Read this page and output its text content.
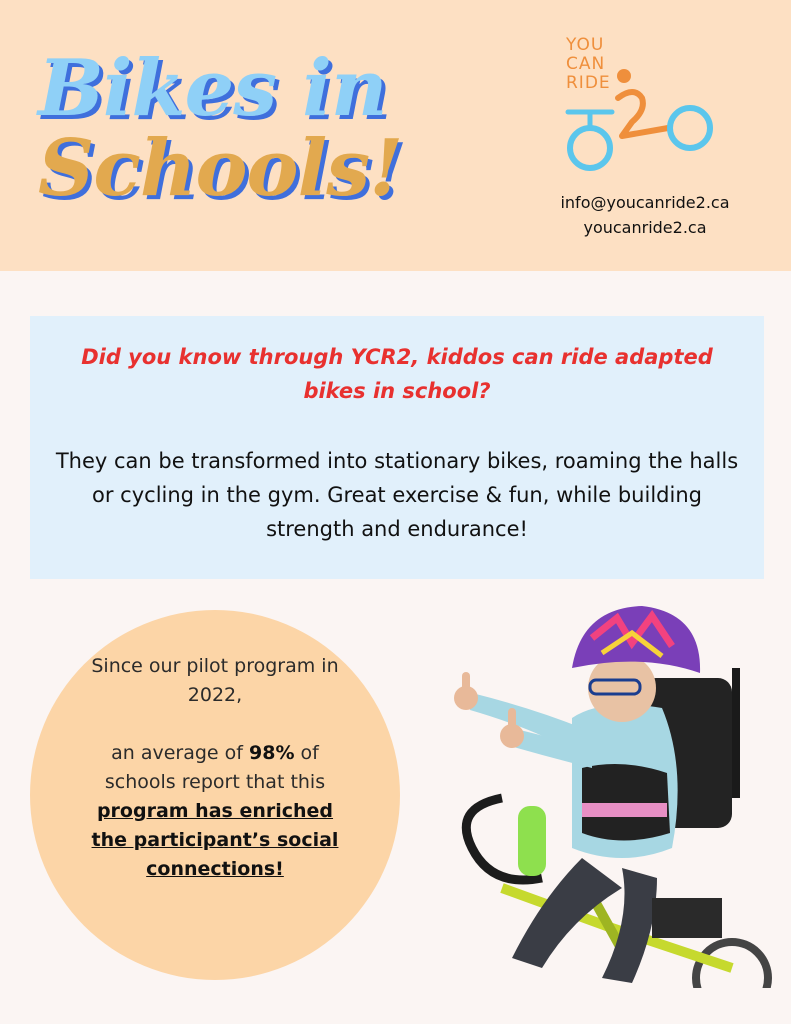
Bikes in
Schools!
YOU
CAN
RIDE
info@youcanride2.ca
youcanride2.ca
Did you know through YCR2, kiddos can ride adapted bikes in school?
They can be transformed into stationary bikes, roaming the halls or cycling in the gym. Great exercise & fun, while building strength and endurance!
Since our pilot program in 2022,
an average of 98% of schools report that this program has enriched the participant’s social connections!
